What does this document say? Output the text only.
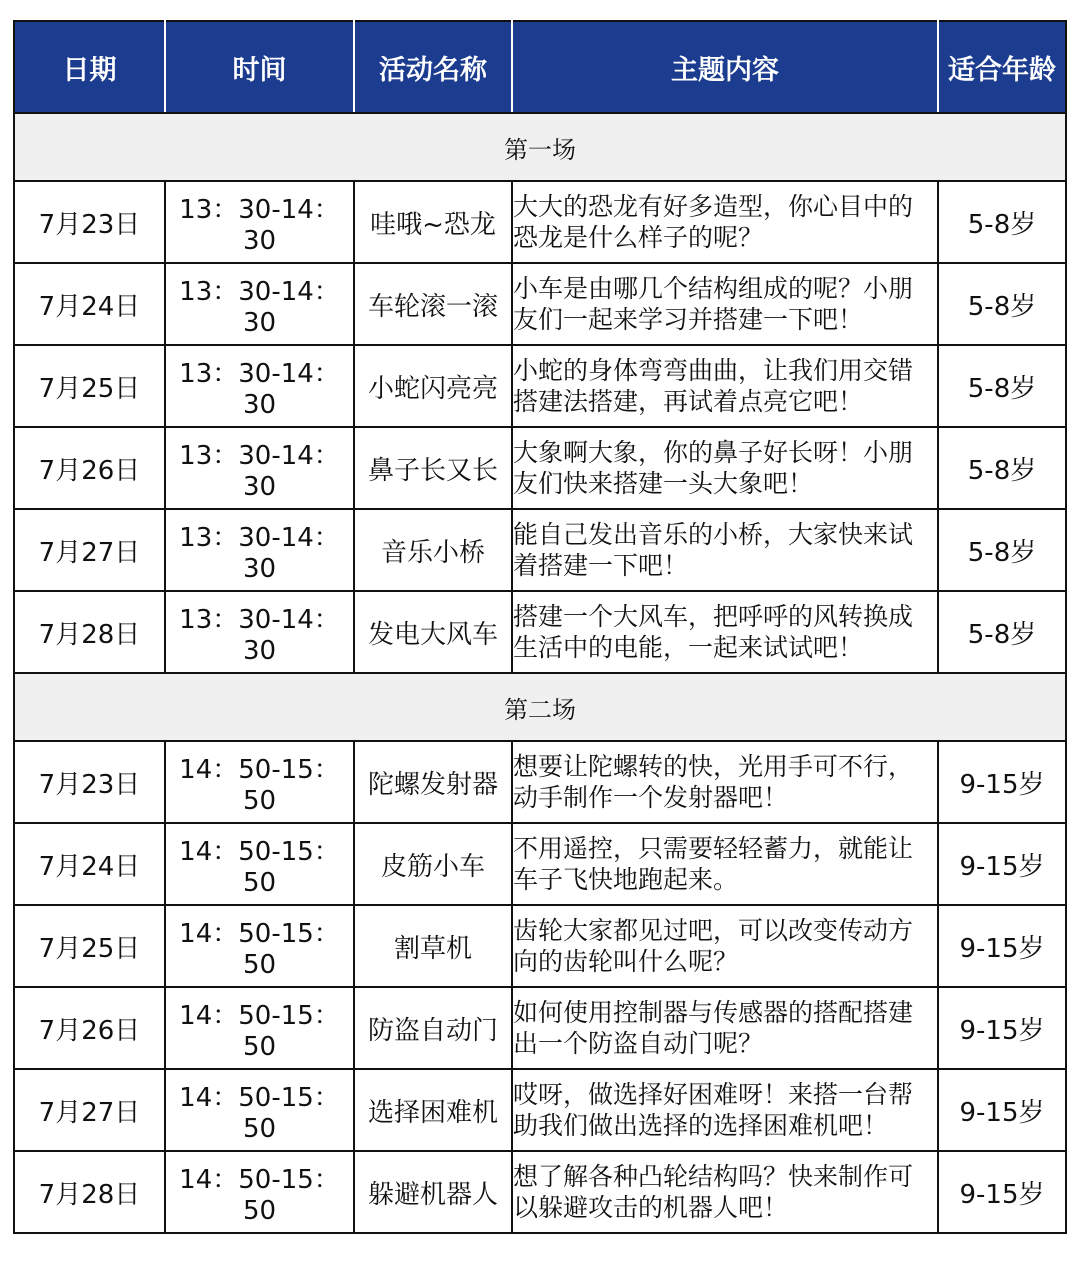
日期	时间	活动名称	主题内容	适合年龄
第一场				
7月23日	13：30-14：30	哇哦~恐龙	大大的恐龙有好多造型，你心目中的恐龙是什么样子的呢？	5-8岁
7月24日	13：30-14：30	车轮滚一滚	小车是由哪几个结构组成的呢？小朋友们一起来学习并搭建一下吧！	5-8岁
7月25日	13：30-14：30	小蛇闪亮亮	小蛇的身体弯弯曲曲，让我们用交错搭建法搭建，再试着点亮它吧！	5-8岁
7月26日	13：30-14：30	鼻子长又长	大象啊大象，你的鼻子好长呀！小朋友们快来搭建一头大象吧！	5-8岁
7月27日	13：30-14：30	音乐小桥	能自己发出音乐的小桥，大家快来试着搭建一下吧！	5-8岁
7月28日	13：30-14：30	发电大风车	搭建一个大风车，把呼呼的风转换成生活中的电能，一起来试试吧！	5-8岁
第二场				
7月23日	14：50-15：50	陀螺发射器	想要让陀螺转的快，光用手可不行，动手制作一个发射器吧！	9-15岁
7月24日	14：50-15：50	皮筋小车	不用遥控，只需要轻轻蓄力，就能让车子飞快地跑起来。	9-15岁
7月25日	14：50-15：50	割草机	齿轮大家都见过吧，可以改变传动方向的齿轮叫什么呢？	9-15岁
7月26日	14：50-15：50	防盗自动门	如何使用控制器与传感器的搭配搭建出一个防盗自动门呢？	9-15岁
7月27日	14：50-15：50	选择困难机	哎呀，做选择好困难呀！来搭一台帮助我们做出选择的选择困难机吧！	9-15岁
7月28日	14：50-15：50	躲避机器人	想了解各种凸轮结构吗？快来制作可以躲避攻击的机器人吧！	9-15岁
